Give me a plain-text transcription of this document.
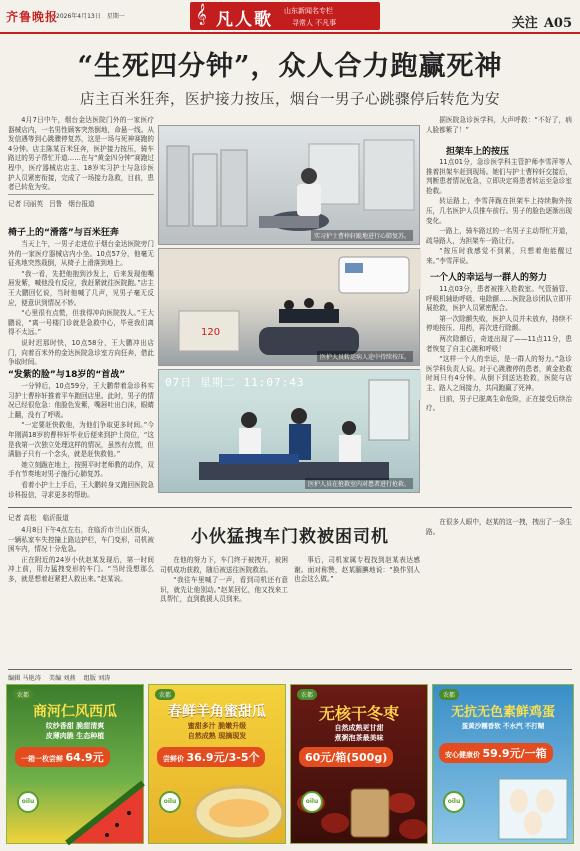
齐鲁晚报
2026年4月13日 星期一	𝄞 凡人歌 山东新闻名专栏
寻常人 不凡事	关注 A05
“生死四分钟”，众人合力跑赢死神
店主百米狂奔，医护接力按压，烟台一男子心跳骤停后转危为安

4月7日中午，烟台金达医院门外的一家医疗器械店内，一名男性顾客突然倒地，命悬一线。从发信遇等到心跳骤停复苏，这是一场与死神赛跑的4分钟。店主陈某百米狂奔，医护接力按压，骑车路过的男子帮忙开道……在与“黄金四分钟”赛跑过程中，医疗器械店店主、18岁实习护士与急诊医护人员紧密衔接，完成了一场接力急救，目前，患者已转危为安。

记者 闫丽英 吕鲁 烟台报道
椅子上的“滑落”与百米狂奔

当天上午，一男子走进位于烟台金达医院旁门外的一家医疗器械店内小坐。10点57分，他毫无征兆地突然栽倒，从椅子上滑落到地上。

“我一看，先把他抱到沙发上，后来发现他嘴唇发紫，喊他没有反应，我赶紧就往医院跑。”店主王大鹏回忆说，当时他喊了几声，见男子毫无反应，便意识到情况不妙。

“心里很有点慌，但我得冲向医院找人。”王大鹏说，“离一号楼门诊就是急救中心，毕竟我们离得不太远。”

说时迟那时快，10点58分，王大鹏冲出店门，向着百米外的金达医院急诊室方向狂奔，借此争取时间。

“发紫的脸”与18岁的“首战”

一分钟后，10点59分，王大鹏带着急诊科实习护士曹梓轩推着平车跑回店里。此时，男子的情况已经很危急：他脸色发紫，嘴唇吐出白沫，眼睛上翻，没有了呼吸。

“一定要赶快救他，为他们争取更多时间。”今年刚满18岁的曹梓轩毕业后便来到护士岗位，“这是我第一次独立处理这样的情况，虽然有点慌，但满脑子只有一个念头，就是赶快救他。”

她立刻跪在地上，按照平时老师教的动作，双手有节奏地对男子施行心肺复苏。

看着小护士上手后，王大鹏转身又跑回医院急诊科报信，寻求更多的帮助。

实习护士曹梓轩跪地进行心肺复苏。
120
医护人员转运病人途中持续按压。
07日 星期二 11:07:43
医护人员在抢救室内对患者进行抢救。

据医院急诊医学科，大声呼救：“不好了，病人脸都紫了！”

担架车上的按压

11点01分，急诊医学科主管护师李雪萍等人推着担架车赶到现场。她们与护士曹梓轩交接后，判断患者情况危急，立即决定将患者转运至急诊室抢救。

转运路上，李雪萍跪在担架车上持续胸外按压，几名医护人员推车前行。男子的脸色逐渐出现变化。

一路上，骑车路过的一名男子主动帮忙开道，疏导路人，为担架车一路让行。

“按压时我感觉不到累，只想着他能醒过来。”李雪萍说。

一个人的幸运与一群人的努力

11点03分，患者被推入抢救室。气管插管、呼吸机辅助呼吸、电除颤……医院急诊团队立即开展抢救，医护人员紧密配合。

第一次除颤失败，医护人员并未放弃，持续不停地按压、用药，再次进行除颤。

两次除颤后，奇迹出现了——11点11分，患者恢复了自主心跳和呼吸！

“这样一个人的幸运，是一群人的努力。”急诊医学科负责人说。对于心跳骤停的患者，黄金抢救时间只有4分钟。从倒下到送达抢救，医院与店主、路人之间接力，共同跑赢了死神。

目前，男子已脱离生命危险，正在接受后续治疗。

记者 高松 临沂报道
小伙猛拽车门救被困司机

4月8日下午4点左右，在临沂市兰山区街头，一辆私家车失控撞上路边护栏，车门变形，司机被困车内，情况十分危急。

正在附近的24岁小伙赵某发现后，第一时间冲上前，用力猛拽变形的车门。“当时没想那么多，就是想着赶紧把人救出来。”赵某说。

在他的努力下，车门终于被拽开，被困司机成功获救，随后被送往医院救治。

“我往车里喊了一声，看到司机还有意识，就先让他别动。”赵某回忆，他又找来工具帮忙，直到救援人员到来。

事后，司机家属专程找到赵某表达感谢。面对称赞，赵某腼腆地说：“换作别人也会这么做。”

在很多人眼中，赵某的这一拽，拽出了一条生路。

编辑 马艳涛 美编 刘燕 组版 刘涛
农都
商河仁风西瓜
纹纱香甜 脆甜清爽
皮薄肉脆 生态种植
一箱一枚尝鲜 64.9元
oilu
农都
春鲜羊角蜜甜瓜
蜜甜多汁 脆嫩升级
自然成熟 现摘现发
尝鲜价 36.9元/3-5个
oilu
农都
无核干冬枣
自然成熟更甘甜
煮粥泡茶最美味
60元/箱(500g)
oilu
农都
无抗无色素鲜鸡蛋
蛋黄沙糯香软 不水汽 不打糊
安心健康价 59.9元/一箱
oilu
